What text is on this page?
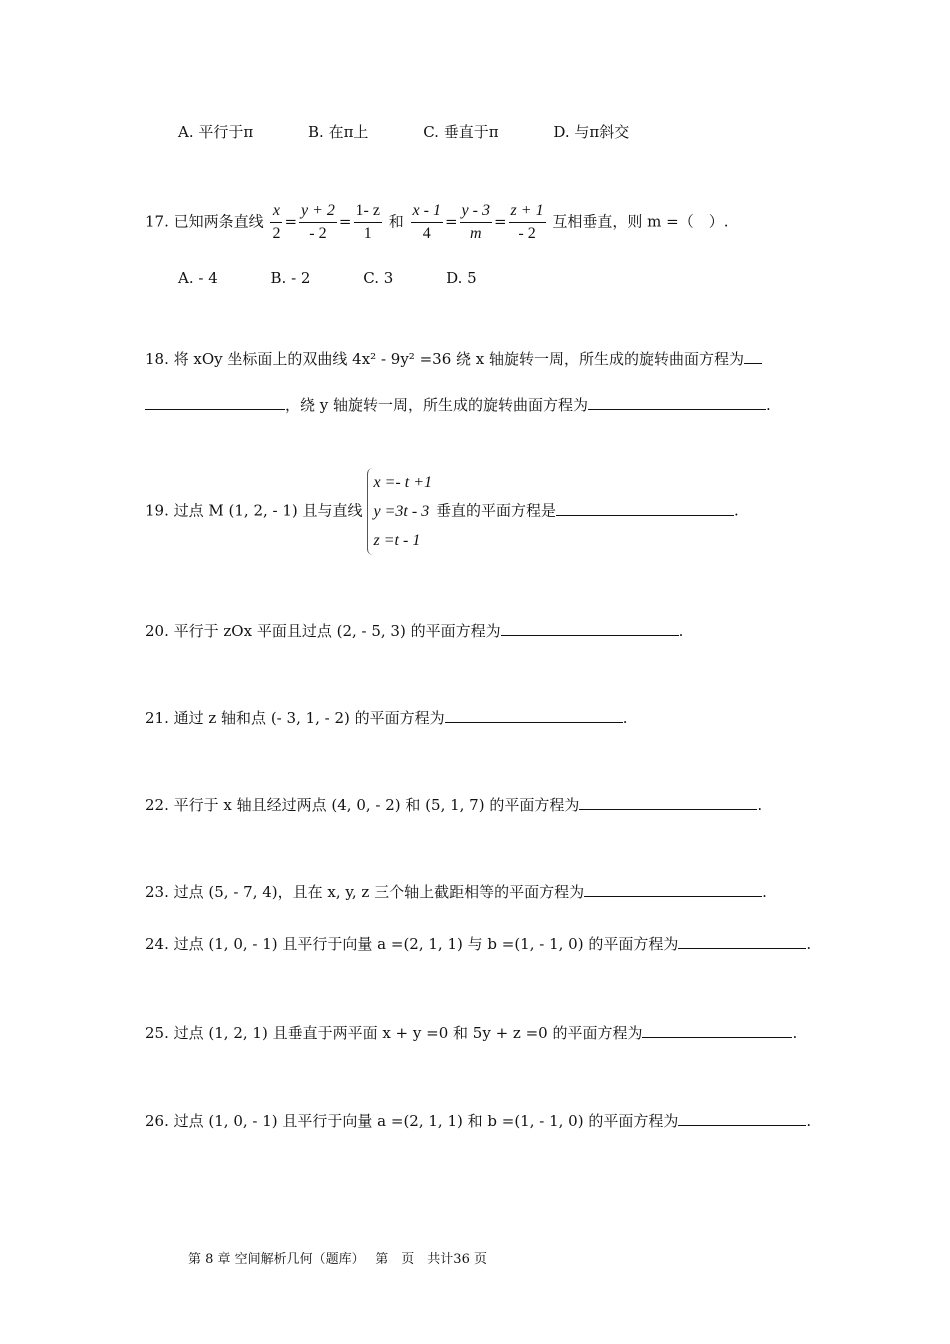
A. 平行于π	B. 在π上	C. 垂直于π	D. 与π斜交
17. 已知两条直线 $\frac{x}{2} = \frac{y + 2}{- 2} = \frac{1- z}{1}$ 和 $\frac{x - 1}{4} = \frac{y - 3}{m} = \frac{z + 1}{- 2}$ 互相垂直，则 m =（　）.
A. - 4	B. - 2	C. 3	D. 5
18. 将 xOy 坐标面上的双曲线 4x² - 9y² =36 绕 x 轴旋转一周，所生成的旋转曲面方程为
，绕 y 轴旋转一周，所生成的旋转曲面方程为	.
19. 过点 M (1, 2, - 1) 且与直线
x =- t +1
y =3t - 3
z =t - 1
垂直的平面方程是	.
20. 平行于 zOx 平面且过点 (2, - 5, 3) 的平面方程为	.
21. 通过 z 轴和点 (- 3, 1, - 2) 的平面方程为	.
22. 平行于 x 轴且经过两点 (4, 0, - 2) 和 (5, 1, 7) 的平面方程为	.
23. 过点 (5, - 7, 4)，且在 x, y, z 三个轴上截距相等的平面方程为	.
24. 过点 (1, 0, - 1) 且平行于向量 a =(2, 1, 1) 与 b =(1, - 1, 0) 的平面方程为	.
25. 过点 (1, 2, 1) 且垂直于两平面 x + y =0 和 5y + z =0 的平面方程为	.
26. 过点 (1, 0, - 1) 且平行于向量 a =(2, 1, 1) 和 b =(1, - 1, 0) 的平面方程为	.
第 8 章 空间解析几何（题库）　 第　页　共计36 页
